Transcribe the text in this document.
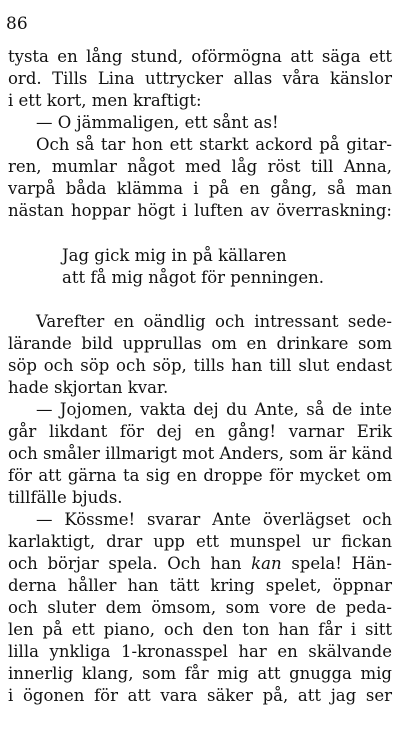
86
tysta en lång stund, oförmögna att säga ett
ord. Tills Lina uttrycker allas våra känslor
i ett kort, men kraftigt:
— O jämmaligen, ett sånt as!
Och så tar hon ett starkt ackord på gitar-
ren, mumlar något med låg röst till Anna,
varpå båda klämma i på en gång, så man
nästan hoppar högt i luften av överraskning:
Jag gick mig in på källaren
att få mig något för penningen.
Varefter en oändlig och intressant sede-
lärande bild upprullas om en drinkare som
söp och söp och söp, tills han till slut endast
hade skjortan kvar.
— Jojomen, vakta dej du Ante, så de inte
går likdant för dej en gång! varnar Erik
och småler illmarigt mot Anders, som är känd
för att gärna ta sig en droppe för mycket om
tillfälle bjuds.
— Kössme! svarar Ante överlägset och
karlaktigt, drar upp ett munspel ur fickan
och börjar spela. Och han kan spela! Hän-
derna håller han tätt kring spelet, öppnar
och sluter dem ömsom, som vore de peda-
len på ett piano, och den ton han får i sitt
lilla ynkliga 1-kronasspel har en skälvande
innerlig klang, som får mig att gnugga mig
i ögonen för att vara säker på, att jag ser
